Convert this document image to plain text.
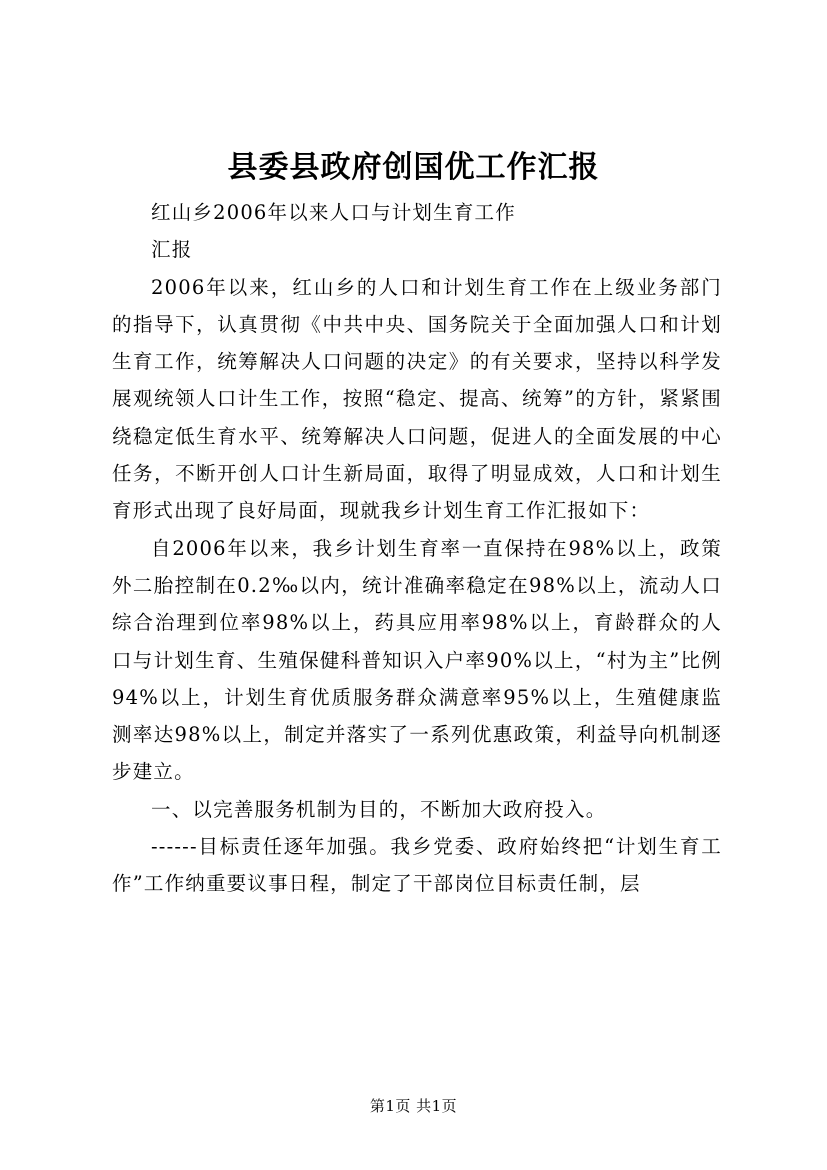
县委县政府创国优工作汇报

红山乡2006年以来人口与计划生育工作

汇报

2006年以来，红山乡的人口和计划生育工作在上级业务部门的指导下，认真贯彻《中共中央、国务院关于全面加强人口和计划生育工作，统筹解决人口问题的决定》的有关要求，坚持以科学发展观统领人口计生工作，按照“稳定、提高、统筹”的方针，紧紧围绕稳定低生育水平、统筹解决人口问题，促进人的全面发展的中心任务，不断开创人口计生新局面，取得了明显成效，人口和计划生育形式出现了良好局面，现就我乡计划生育工作汇报如下：

自2006年以来，我乡计划生育率一直保持在98%以上，政策外二胎控制在0.2‰以内，统计准确率稳定在98%以上，流动人口综合治理到位率98%以上，药具应用率98%以上，育龄群众的人口与计划生育、生殖保健科普知识入户率90%以上，“村为主”比例94%以上，计划生育优质服务群众满意率95%以上，生殖健康监测率达98%以上，制定并落实了一系列优惠政策，利益导向机制逐步建立。

一、以完善服务机制为目的，不断加大政府投入。

------目标责任逐年加强。我乡党委、政府始终把“计划生育工作”工作纳重要议事日程，制定了干部岗位目标责任制，层

第1页 共1页
